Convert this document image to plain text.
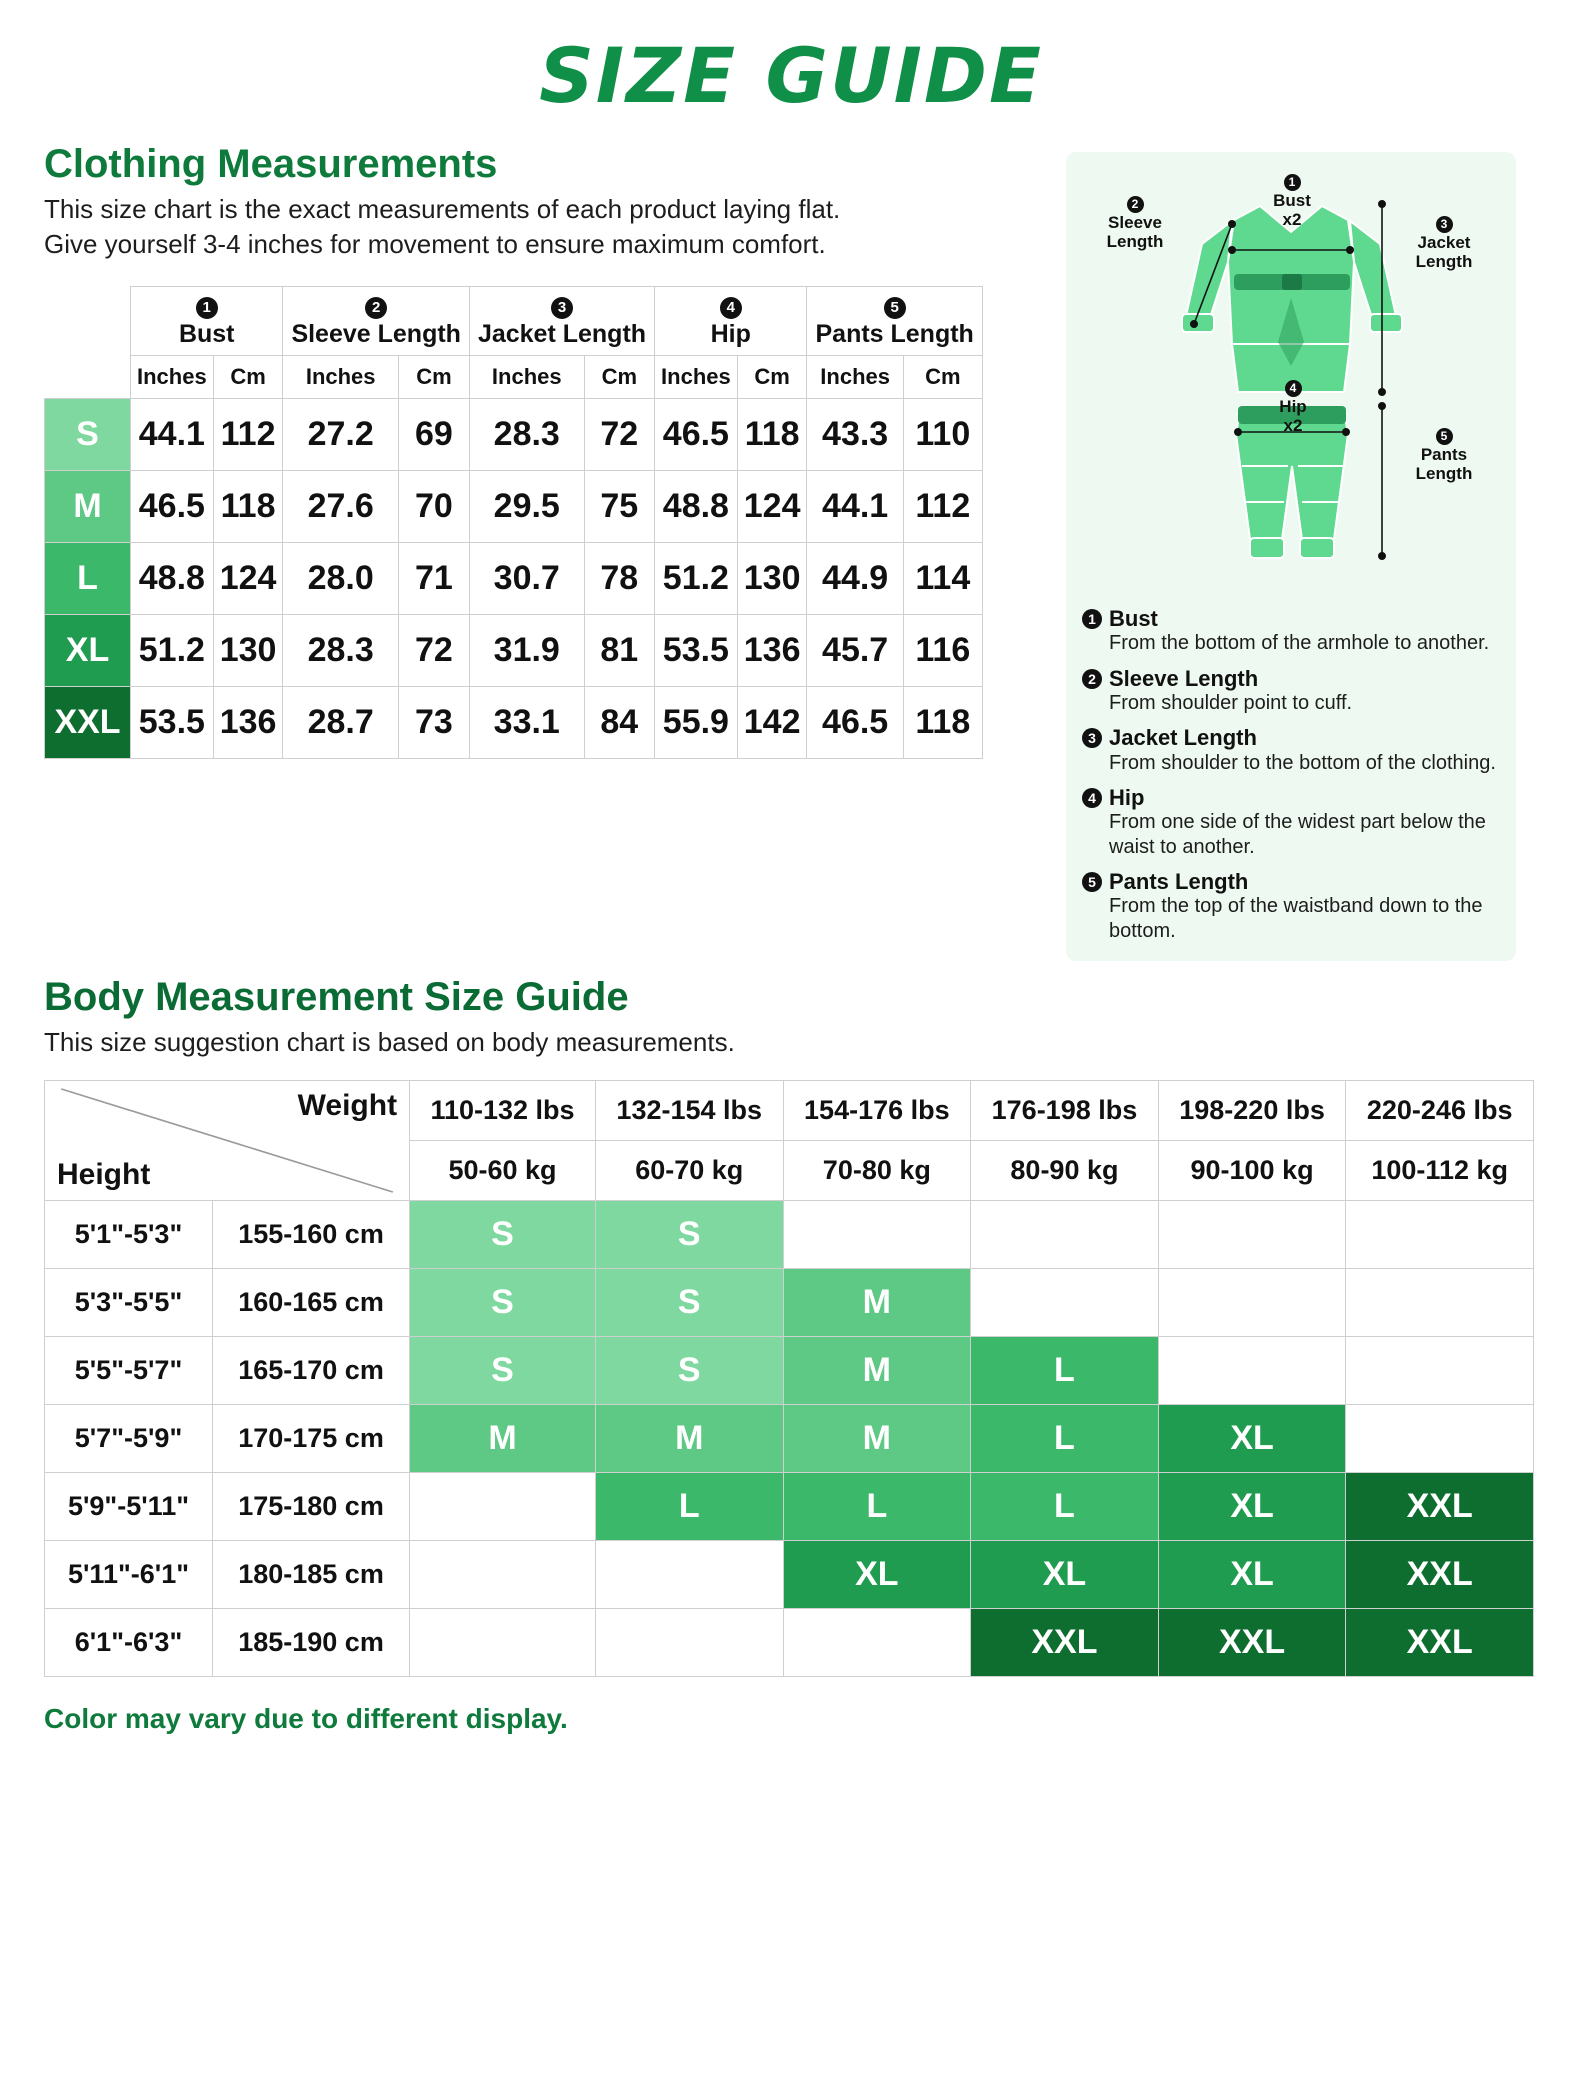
SIZE GUIDE
Clothing Measurements

This size chart is the exact measurements of each product laying flat.

Give yourself 3-4 inches for movement to ensure maximum comfort.

	1
Bust		2
Sleeve Length		3
Jacket Length		4
Hip		5
Pants Length	
	Inches	Cm	Inches	Cm	Inches	Cm	Inches	Cm	Inches	Cm
S	44.1	112	27.2	69	28.3	72	46.5	118	43.3	110
M	46.5	118	27.6	70	29.5	75	48.8	124	44.1	112
L	48.8	124	28.0	71	30.7	78	51.2	130	44.9	114
XL	51.2	130	28.3	72	31.9	81	53.5	136	45.7	116
XXL	53.5	136	28.7	73	33.1	84	55.9	142	46.5	118
1
Bust
x2
2
Sleeve
Length
3
Jacket
Length
4
Hip
x2
5
Pants
Length
1 Bust
From the bottom of the armhole to another.
2 Sleeve Length
From shoulder point to cuff.
3 Jacket Length
From shoulder to the bottom of the clothing.
4 Hip
From one side of the widest part below the waist to another.
5 Pants Length
From the top of the waistband down to the bottom.
Body Measurement Size Guide

This size suggestion chart is based on body measurements.

Weight
Height		110-132 lbs	132-154 lbs	154-176 lbs	176-198 lbs	198-220 lbs	220-246 lbs
		50-60 kg	60-70 kg	70-80 kg	80-90 kg	90-100 kg	100-112 kg
5'1"-5'3"	155-160 cm	S	S				
5'3"-5'5"	160-165 cm	S	S	M			
5'5"-5'7"	165-170 cm	S	S	M	L		
5'7"-5'9"	170-175 cm	M	M	M	L	XL	
5'9"-5'11"	175-180 cm		L	L	L	XL	XXL
5'11"-6'1"	180-185 cm			XL	XL	XL	XXL
6'1"-6'3"	185-190 cm				XXL	XXL	XXL
Color may vary due to different display.
